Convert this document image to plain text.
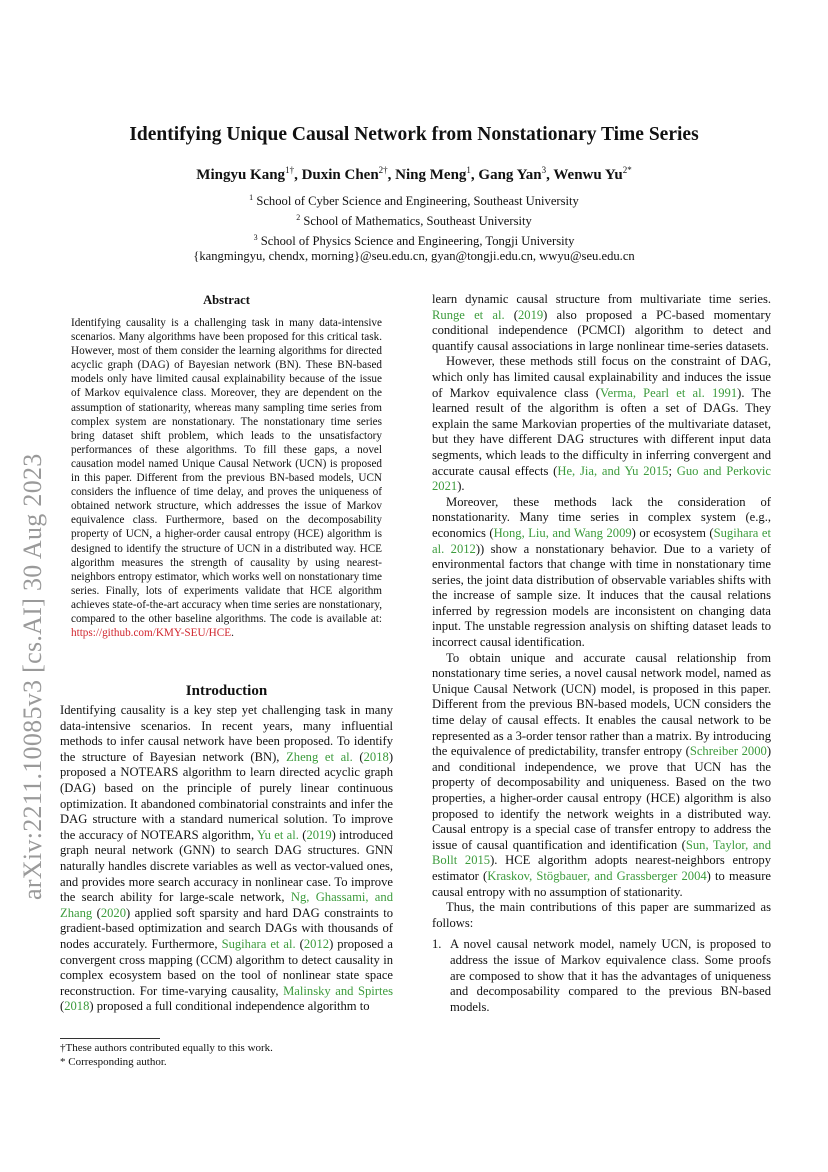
arXiv:2211.10085v3 [cs.AI] 30 Aug 2023
Identifying Unique Causal Network from Nonstationary Time Series
Mingyu Kang$^{1\dagger}$, Duxin Chen$^{2\dagger}$, Ning Meng$^1$, Gang Yan$^3$, Wenwu $Yu^{2*}$
$^1$ School of Cyber Science and Engineering, Southeast University
$^2$ School of Mathematics, Southeast University
$^3$ School of Physics Science and Engineering, Tongji University
{kangmingyu, chendx, morning}@seu.edu.cn, gyan@tongji.edu.cn, wwyu@seu.edu.cn
Abstract
Identifying causality is a challenging task in many data-intensive scenarios. Many algorithms have been proposed for this critical task. However, most of them consider the learning algorithms for directed acyclic graph (DAG) of Bayesian network (BN). These BN-based models only have limited causal explainability because of the issue of Markov equivalence class. Moreover, they are dependent on the assumption of stationarity, whereas many sampling time series from complex system are nonstationary. The nonstationary time series bring dataset shift problem, which leads to the unsatisfactory performances of these algorithms. To fill these gaps, a novel causation model named Unique Causal Network (UCN) is proposed in this paper. Different from the previous BN-based models, UCN considers the influence of time delay, and proves the uniqueness of obtained network structure, which addresses the issue of Markov equivalence class. Furthermore, based on the decomposability property of UCN, a higher-order causal entropy (HCE) algorithm is designed to identify the structure of UCN in a distributed way. HCE algorithm measures the strength of causality by using nearest-neighbors entropy estimator, which works well on nonstationary time series. Finally, lots of experiments validate that HCE algorithm achieves state-of-the-art accuracy when time series are nonstationary, compared to the other baseline algorithms. The code is available at: https://github.com/KMY-SEU/HCE.
Introduction

Identifying causality is a key step yet challenging task in many data-intensive scenarios. In recent years, many influential methods to infer causal network have been proposed. To identify the structure of Bayesian network (BN), Zheng et al. (2018) proposed a NOTEARS algorithm to learn directed acyclic graph (DAG) based on the principle of purely linear continuous optimization. It abandoned combinatorial constraints and infer the DAG structure with a standard numerical solution. To improve the accuracy of NOTEARS algorithm, Yu et al. (2019) introduced graph neural network (GNN) to search DAG structures. GNN naturally handles discrete variables as well as vector-valued ones, and provides more search accuracy in nonlinear case. To improve the search ability for large-scale network, Ng, Ghassami, and Zhang (2020) applied soft sparsity and hard DAG constraints to gradient-based optimization and search DAGs with thousands of nodes accurately. Furthermore, Sugihara et al. (2012) proposed a convergent cross mapping (CCM) algorithm to detect causality in complex ecosystem based on the tool of nonlinear state space reconstruction. For time-varying causality, Malinsky and Spirtes (2018) proposed a full conditional independence algorithm to

†These authors contributed equally to this work.
* Corresponding author.

learn dynamic causal structure from multivariate time series. Runge et al. (2019) also proposed a PC-based momentary conditional independence (PCMCI) algorithm to detect and quantify causal associations in large nonlinear time-series datasets.

However, these methods still focus on the constraint of DAG, which only has limited causal explainability and induces the issue of Markov equivalence class (Verma, Pearl et al. 1991). The learned result of the algorithm is often a set of DAGs. They explain the same Markovian properties of the multivariate dataset, but they have different DAG structures with different input data segments, which leads to the difficulty in inferring convergent and accurate causal effects (He, Jia, and Yu 2015; Guo and Perkovic 2021).

Moreover, these methods lack the consideration of nonstationarity. Many time series in complex system (e.g., economics (Hong, Liu, and Wang 2009) or ecosystem (Sugihara et al. 2012)) show a nonstationary behavior. Due to a variety of environmental factors that change with time in nonstationary time series, the joint data distribution of observable variables shifts with the increase of sample size. It induces that the causal relations inferred by regression models are inconsistent on changing data input. The unstable regression analysis on shifting dataset leads to incorrect causal identification.

To obtain unique and accurate causal relationship from nonstationary time series, a novel causal network model, named as Unique Causal Network (UCN) model, is proposed in this paper. Different from the previous BN-based models, UCN considers the time delay of causal effects. It enables the causal network to be represented as a 3-order tensor rather than a matrix. By introducing the equivalence of predictability, transfer entropy (Schreiber 2000) and conditional independence, we prove that UCN has the property of decomposability and uniqueness. Based on the two properties, a higher-order causal entropy (HCE) algorithm is also proposed to identify the network weights in a distributed way. Causal entropy is a special case of transfer entropy to address the issue of causal quantification and identification (Sun, Taylor, and Bollt 2015). HCE algorithm adopts nearest-neighbors entropy estimator (Kraskov, Stögbauer, and Grassberger 2004) to measure causal entropy with no assumption of stationarity.

Thus, the main contributions of this paper are summarized as follows:

1. A novel causal network model, namely UCN, is proposed to address the issue of Markov equivalence class. Some proofs are composed to show that it has the advantages of uniqueness and decomposability compared to the previous BN-based models.
